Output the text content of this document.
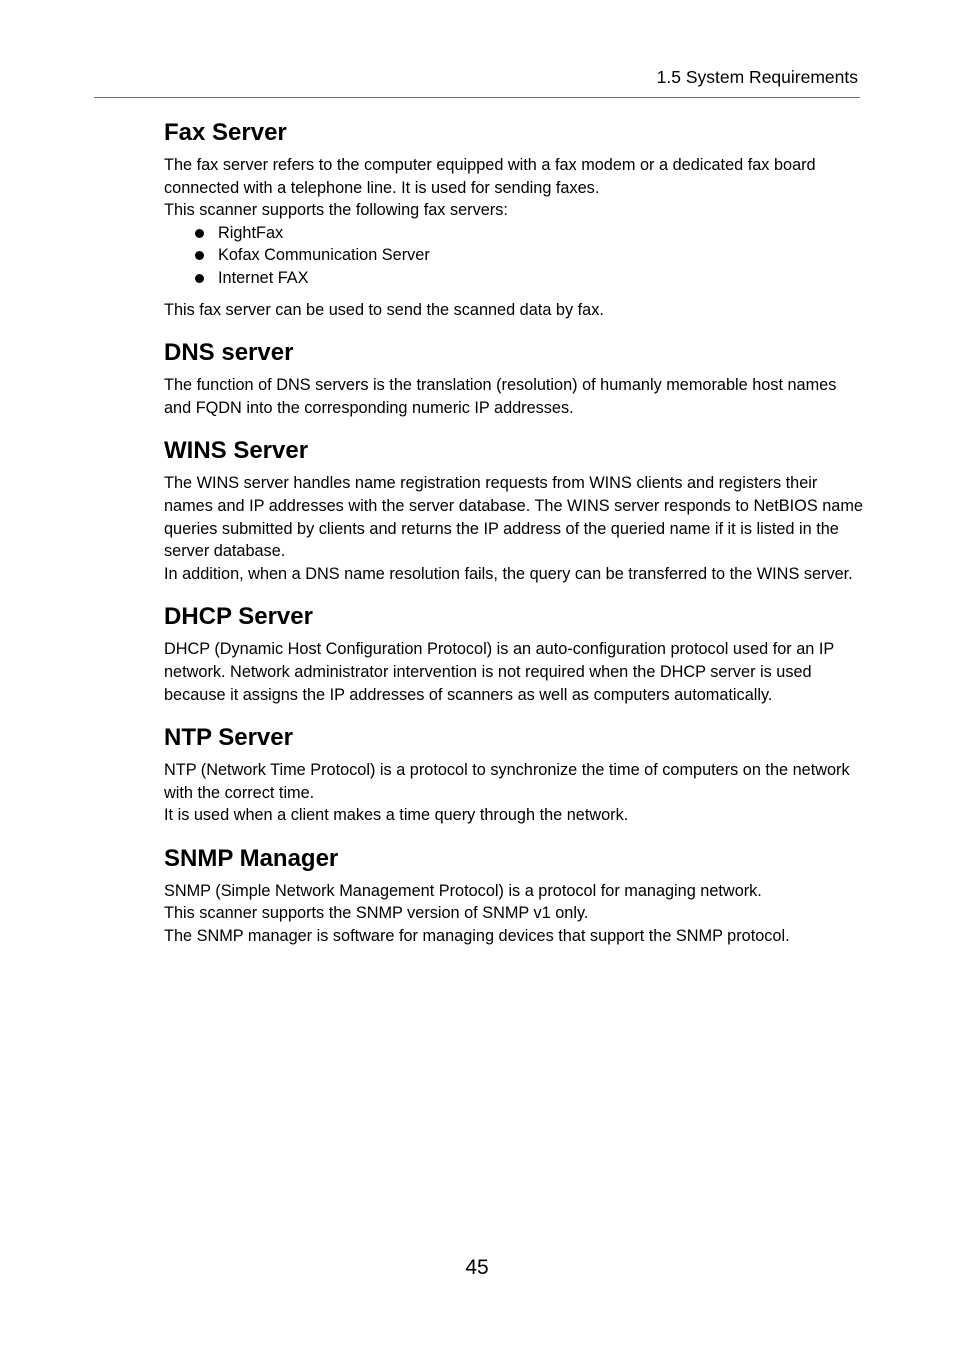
1.5 System Requirements
Fax Server

The fax server refers to the computer equipped with a fax modem or a dedicated fax board connected with a telephone line. It is used for sending faxes.

This scanner supports the following fax servers:

RightFax
Kofax Communication Server
Internet FAX

This fax server can be used to send the scanned data by fax.

DNS server

The function of DNS servers is the translation (resolution) of humanly memorable host names and FQDN into the corresponding numeric IP addresses.

WINS Server

The WINS server handles name registration requests from WINS clients and registers their names and IP addresses with the server database. The WINS server responds to NetBIOS name queries submitted by clients and returns the IP address of the queried name if it is listed in the server database.

In addition, when a DNS name resolution fails, the query can be transferred to the WINS server.

DHCP Server

DHCP (Dynamic Host Configuration Protocol) is an auto-configuration protocol used for an IP network. Network administrator intervention is not required when the DHCP server is used because it assigns the IP addresses of scanners as well as computers automatically.

NTP Server

NTP (Network Time Protocol) is a protocol to synchronize the time of computers on the network with the correct time.

It is used when a client makes a time query through the network.

SNMP Manager

SNMP (Simple Network Management Protocol) is a protocol for managing network.

This scanner supports the SNMP version of SNMP v1 only.

The SNMP manager is software for managing devices that support the SNMP protocol.

45
